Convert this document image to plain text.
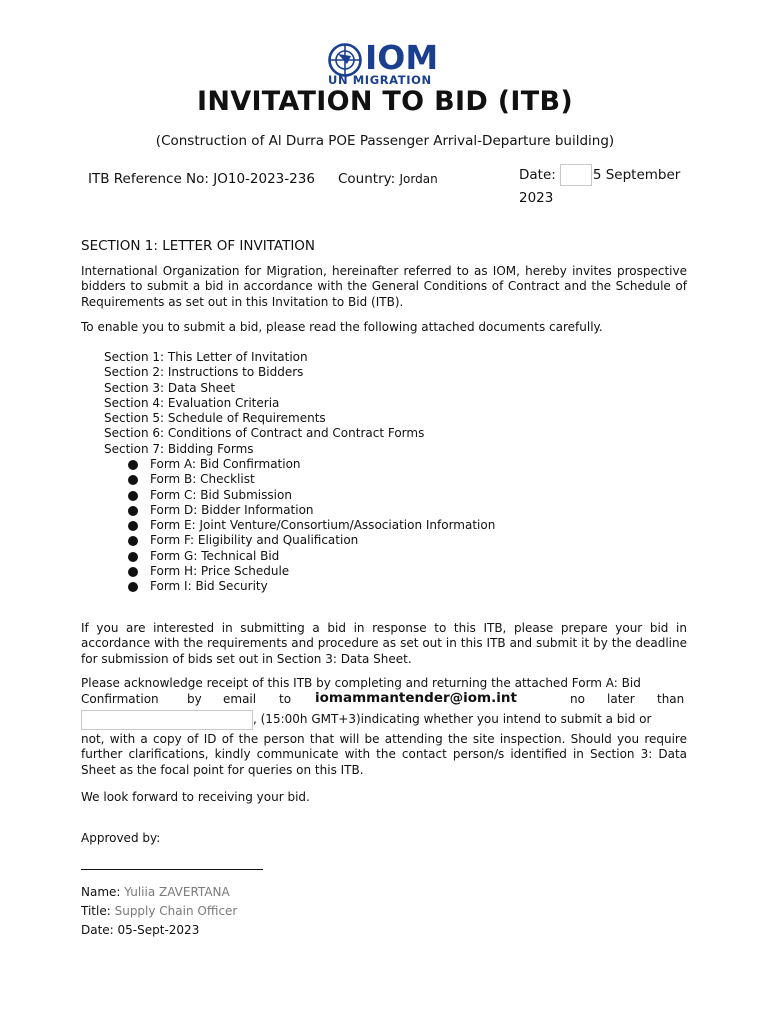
IOM
UN MIGRATION
INVITATION TO BID (ITB)
(Construction of Al Durra POE Passenger Arrival-Departure building)
ITB Reference No: JO10-2023-236 Country: Jordan	Date:	5 September
2023
SECTION 1: LETTER OF INVITATION
International Organization for Migration, hereinafter referred to as IOM, hereby invites prospective bidders to submit a bid in accordance with the General Conditions of Contract and the Schedule of Requirements as set out in this Invitation to Bid (ITB).
To enable you to submit a bid, please read the following attached documents carefully.
Section 1: This Letter of Invitation
Section 2: Instructions to Bidders
Section 3: Data Sheet
Section 4: Evaluation Criteria
Section 5: Schedule of Requirements
Section 6: Conditions of Contract and Contract Forms
Section 7: Bidding Forms
Form A: Bid Confirmation
Form B: Checklist
Form C: Bid Submission
Form D: Bidder Information
Form E: Joint Venture/Consortium/Association Information
Form F: Eligibility and Qualification
Form G: Technical Bid
Form H: Price Schedule
Form I: Bid Security
If you are interested in submitting a bid in response to this ITB, please prepare your bid in accordance with the requirements and procedure as set out in this ITB and submit it by the deadline for submission of bids set out in Section 3: Data Sheet.
Please acknowledge receipt of this ITB by completing and returning the attached Form A: Bid
Confirmation by email to iomammantender@iom.int	no later than
, (15:00h GMT+3)indicating whether you intend to submit a bid or
not, with a copy of ID of the person that will be attending the site inspection. Should you require further clarifications, kindly communicate with the contact person/s identified in Section 3: Data Sheet as the focal point for queries on this ITB.
We look forward to receiving your bid.
Approved by:
Name: Yuliia ZAVERTANA
Title: Supply Chain Officer
Date: 05-Sept-2023
